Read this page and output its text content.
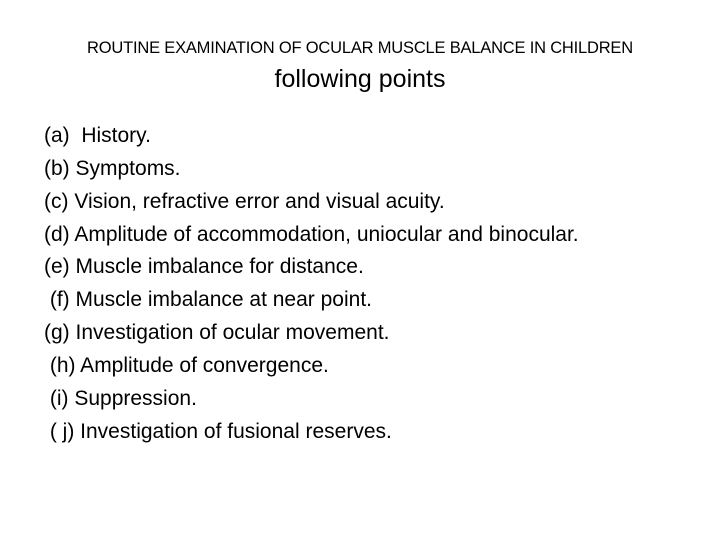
ROUTINE EXAMINATION OF OCULAR MUSCLE BALANCE IN CHILDREN
following points
(a)  History.
(b) Symptoms.
(c) Vision, refractive error and visual acuity.
(d) Amplitude of accommodation, uniocular and binocular.
(e) Muscle imbalance for distance.
(f) Muscle imbalance at near point.
(g) Investigation of ocular movement.
(h) Amplitude of convergence.
(i) Suppression.
( j) Investigation of fusional reserves.
